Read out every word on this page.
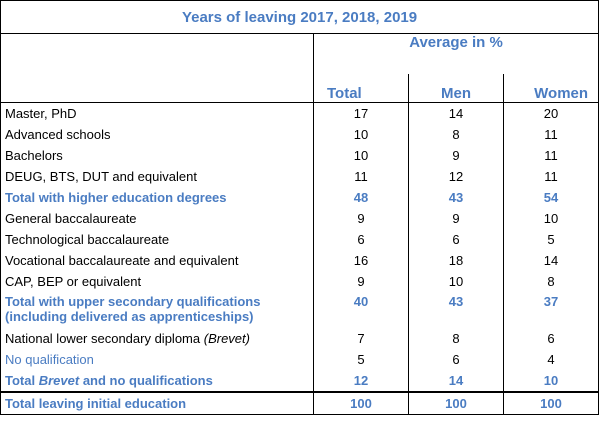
Years of leaving 2017, 2018, 2019			
	Average in %		
	Total	Men	Women
Master, PhD	17	14	20
Advanced schools	10	8	11
Bachelors	10	9	11
DEUG, BTS, DUT and equivalent	11	12	11
Total with higher education degrees	48	43	54
General baccalaureate	9	9	10
Technological baccalaureate	6	6	5
Vocational baccalaureate and equivalent	16	18	14
CAP, BEP or equivalent	9	10	8
Total with upper secondary qualifications (including delivered as apprenticeships)	40	43	37
National lower secondary diploma (Brevet)	7	8	6
No qualification	5	6	4
Total Brevet and no qualifications	12	14	10
Total leaving initial education	100	100	100
